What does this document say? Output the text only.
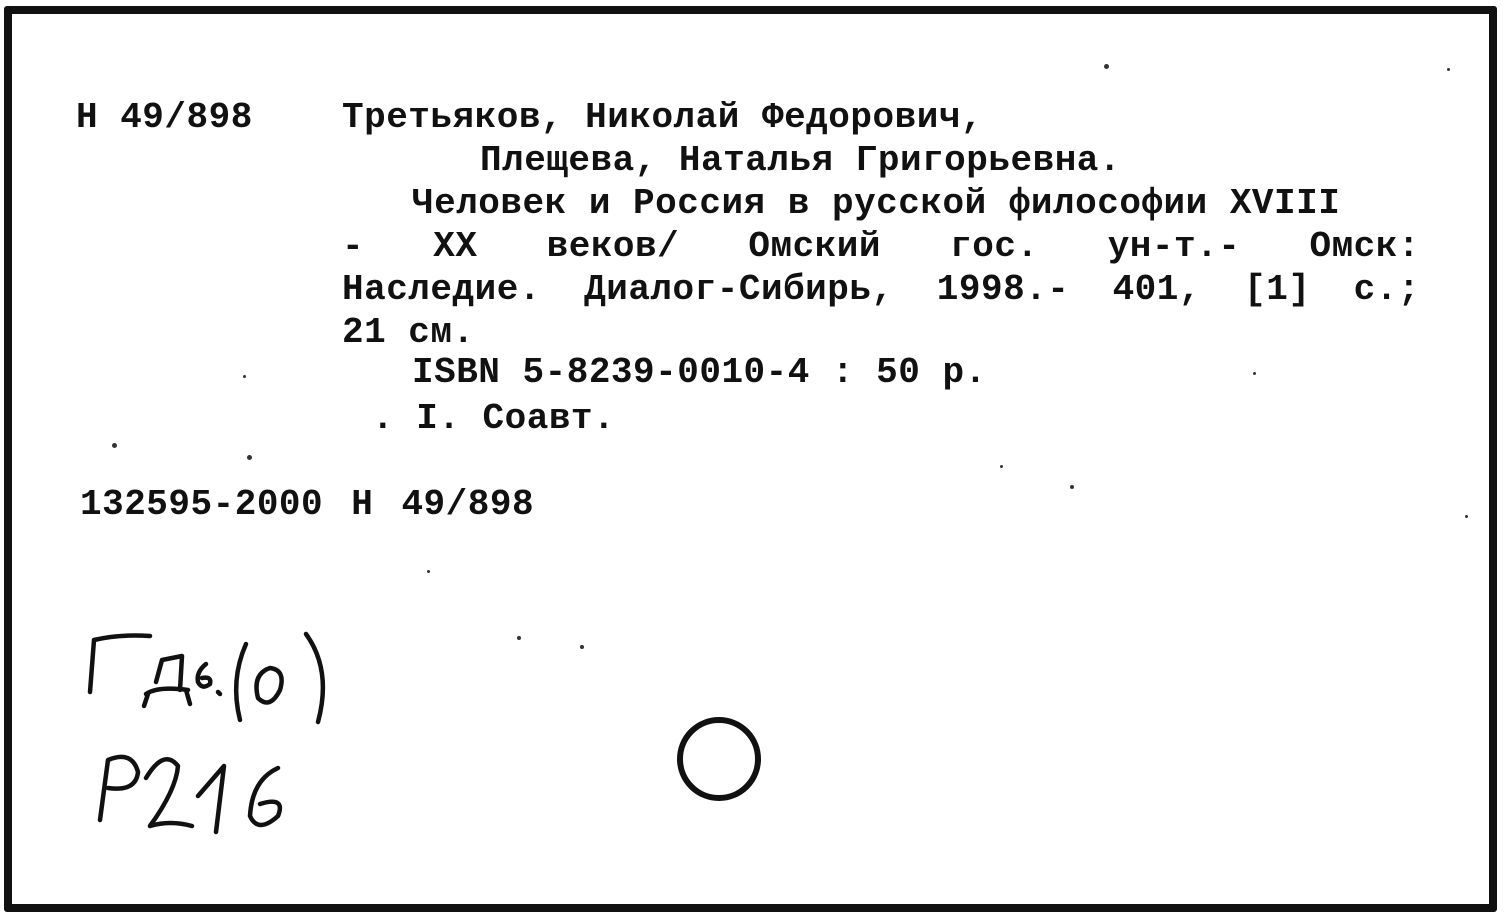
Н 49/898 Третьяков, Николай Федорович,
Плещева, Наталья Григорьевна.
Человек и Россия в русской философии XVIII
- XX веков/ Омский гос. ун-т.- Омск:
Наследие. Диалог-Сибирь, 1998.- 401, [1] с.;
21 см.
ISBN 5-8239-0010-4 : 50 р.
. I. Соавт.
132595-2000 Н 49/898
